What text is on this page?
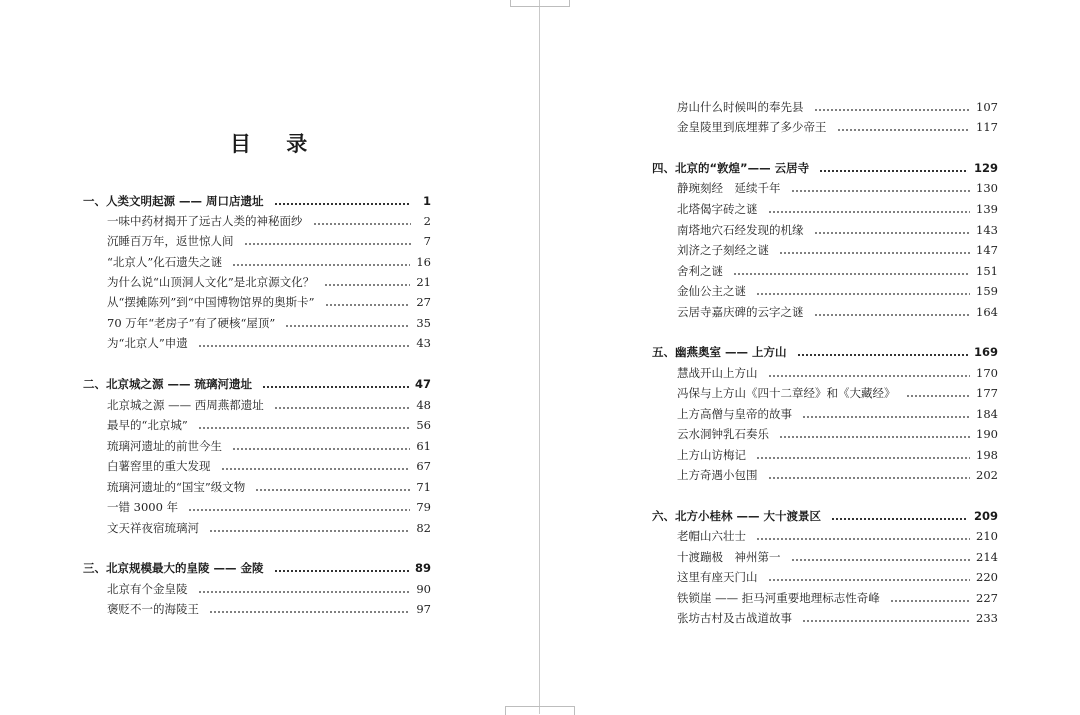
目 录
一、人类文明起源 —— 周口店遗址	1
一味中药材揭开了远古人类的神秘面纱	2
沉睡百万年，返世惊人间	7
“北京人”化石遗失之谜	16
为什么说“山顶洞人文化”是北京源文化？	21
从“摆摊陈列”到“中国博物馆界的奥斯卡”	27
70 万年“老房子”有了硬核“屋顶”	35
为“北京人”申遗	43
二、北京城之源 —— 琉璃河遗址	47
北京城之源 —— 西周燕都遗址	48
最早的“北京城”	56
琉璃河遗址的前世今生	61
白薯窖里的重大发现	67
琉璃河遗址的“国宝”级文物	71
一错 3000 年	79
文天祥夜宿琉璃河	82
三、北京规模最大的皇陵 —— 金陵	89
北京有个金皇陵	90
褒贬不一的海陵王	97
房山什么时候叫的奉先县	107
金皇陵里到底埋葬了多少帝王	117
四、北京的“敦煌”—— 云居寺	129
静琬刻经　延续千年	130
北塔偈字砖之谜	139
南塔地穴石经发现的机缘	143
刘济之子刻经之谜	147
舍利之谜	151
金仙公主之谜	159
云居寺嘉庆碑的云字之谜	164
五、幽燕奥室 —— 上方山	169
慧战开山上方山	170
冯保与上方山《四十二章经》和《大藏经》	177
上方高僧与皇帝的故事	184
云水洞钟乳石奏乐	190
上方山访梅记	198
上方奇遇小包围	202
六、北方小桂林 —— 大十渡景区	209
老帽山六壮士	210
十渡蹦极　神州第一	214
这里有座天门山	220
铁锁崖 —— 拒马河重要地理标志性奇峰	227
张坊古村及古战道故事	233
